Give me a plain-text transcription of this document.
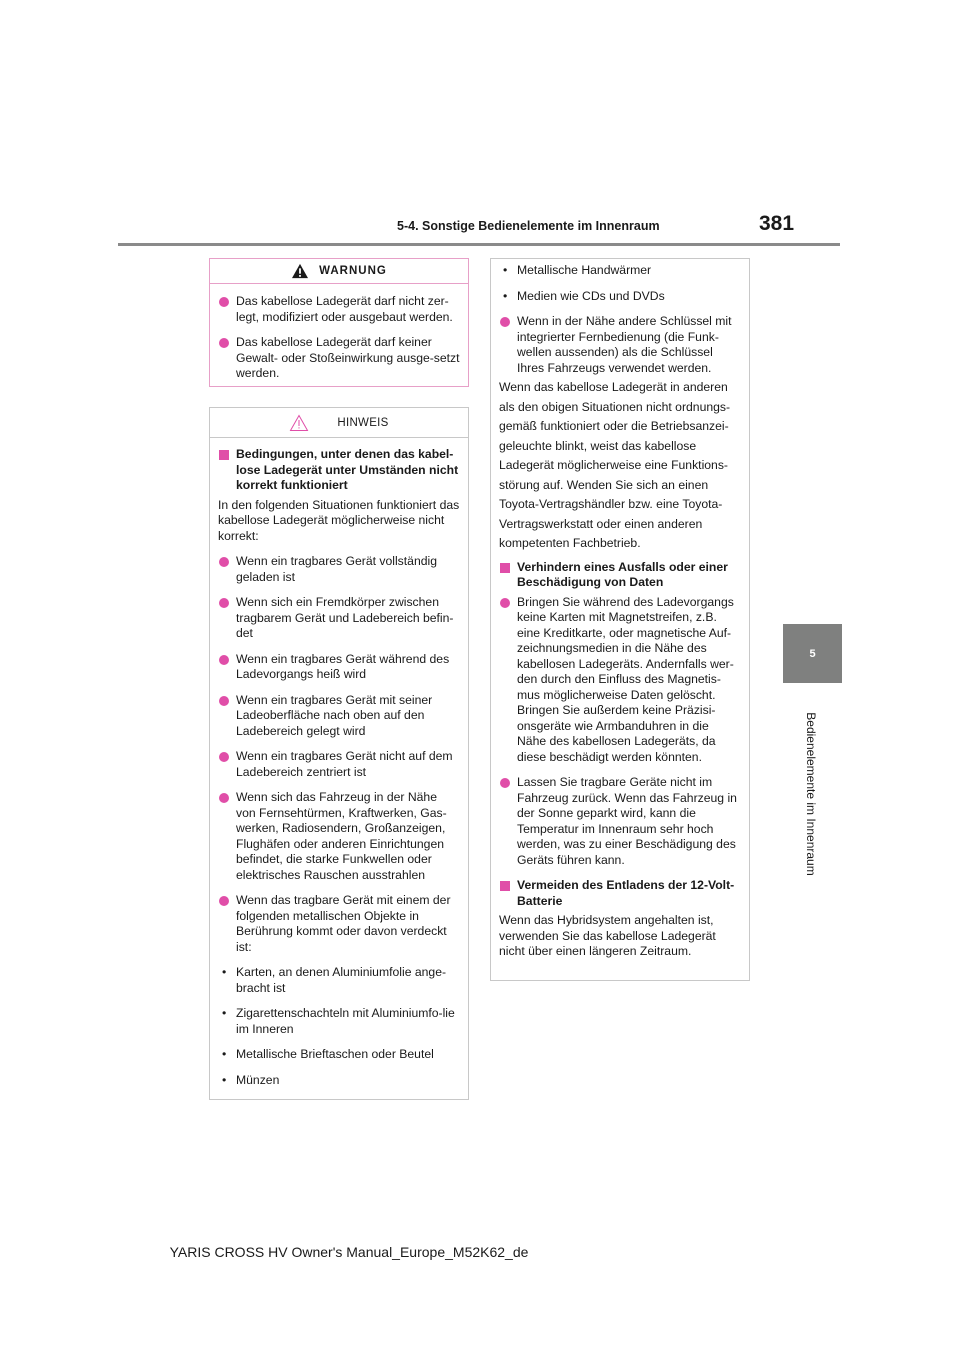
5-4. Sonstige Bedienelemente im Innenraum	381
5
Bedienelemente im Innenraum
WARNUNG
Das kabellose Ladegerät darf nicht zer-legt, modifiziert oder ausgebaut werden.
Das kabellose Ladegerät darf keiner Gewalt- oder Stoßeinwirkung ausge-setzt werden.
HINWEIS
Bedingungen, unter denen das kabel-lose Ladegerät unter Umständen nicht korrekt funktioniert
In den folgenden Situationen funktioniert das kabellose Ladegerät möglicherweise nicht korrekt:
Wenn ein tragbares Gerät vollständig geladen ist
Wenn sich ein Fremdkörper zwischen tragbarem Gerät und Ladebereich befin-det
Wenn ein tragbares Gerät während des Ladevorgangs heiß wird
Wenn ein tragbares Gerät mit seiner Ladeoberfläche nach oben auf den Ladebereich gelegt wird
Wenn ein tragbares Gerät nicht auf dem Ladebereich zentriert ist
Wenn sich das Fahrzeug in der Nähe von Fernsehtürmen, Kraftwerken, Gas-werken, Radiosendern, Großanzeigen, Flughäfen oder anderen Einrichtungen befindet, die starke Funkwellen oder elektrisches Rauschen ausstrahlen
Wenn das tragbare Gerät mit einem der folgenden metallischen Objekte in Berührung kommt oder davon verdeckt ist:
• Karten, an denen Aluminiumfolie ange-bracht ist
• Zigarettenschachteln mit Aluminiumfo-lie im Inneren
• Metallische Brieftaschen oder Beutel
• Münzen
• Metallische Handwärmer
• Medien wie CDs und DVDs
Wenn in der Nähe andere Schlüssel mit integrierter Fernbedienung (die Funk-wellen aussenden) als die Schlüssel Ihres Fahrzeugs verwendet werden.

Wenn das kabellose Ladegerät in anderen

als den obigen Situationen nicht ordnungs-

gemäß funktioniert oder die Betriebsanzei-

geleuchte blinkt, weist das kabellose

Ladegerät möglicherweise eine Funktions-

störung auf. Wenden Sie sich an einen

Toyota-Vertragshändler bzw. eine Toyota-

Vertragswerkstatt oder einen anderen

kompetenten Fachbetrieb.

Verhindern eines Ausfalls oder einer Beschädigung von Daten
Bringen Sie während des Ladevorgangs keine Karten mit Magnetstreifen, z.B. eine Kreditkarte, oder magnetische Auf-zeichnungsmedien in die Nähe des kabellosen Ladegeräts. Andernfalls wer-den durch den Einfluss des Magnetis-mus möglicherweise Daten gelöscht. Bringen Sie außerdem keine Präzisi-onsgeräte wie Armbanduhren in die Nähe des kabellosen Ladegeräts, da diese beschädigt werden könnten.
Lassen Sie tragbare Geräte nicht im Fahrzeug zurück. Wenn das Fahrzeug in der Sonne geparkt wird, kann die Temperatur im Innenraum sehr hoch werden, was zu einer Beschädigung des Geräts führen kann.
Vermeiden des Entladens der 12-Volt-Batterie
Wenn das Hybridsystem angehalten ist, verwenden Sie das kabellose Ladegerät nicht über einen längeren Zeitraum.
YARIS CROSS HV Owner's Manual_Europe_M52K62_de
